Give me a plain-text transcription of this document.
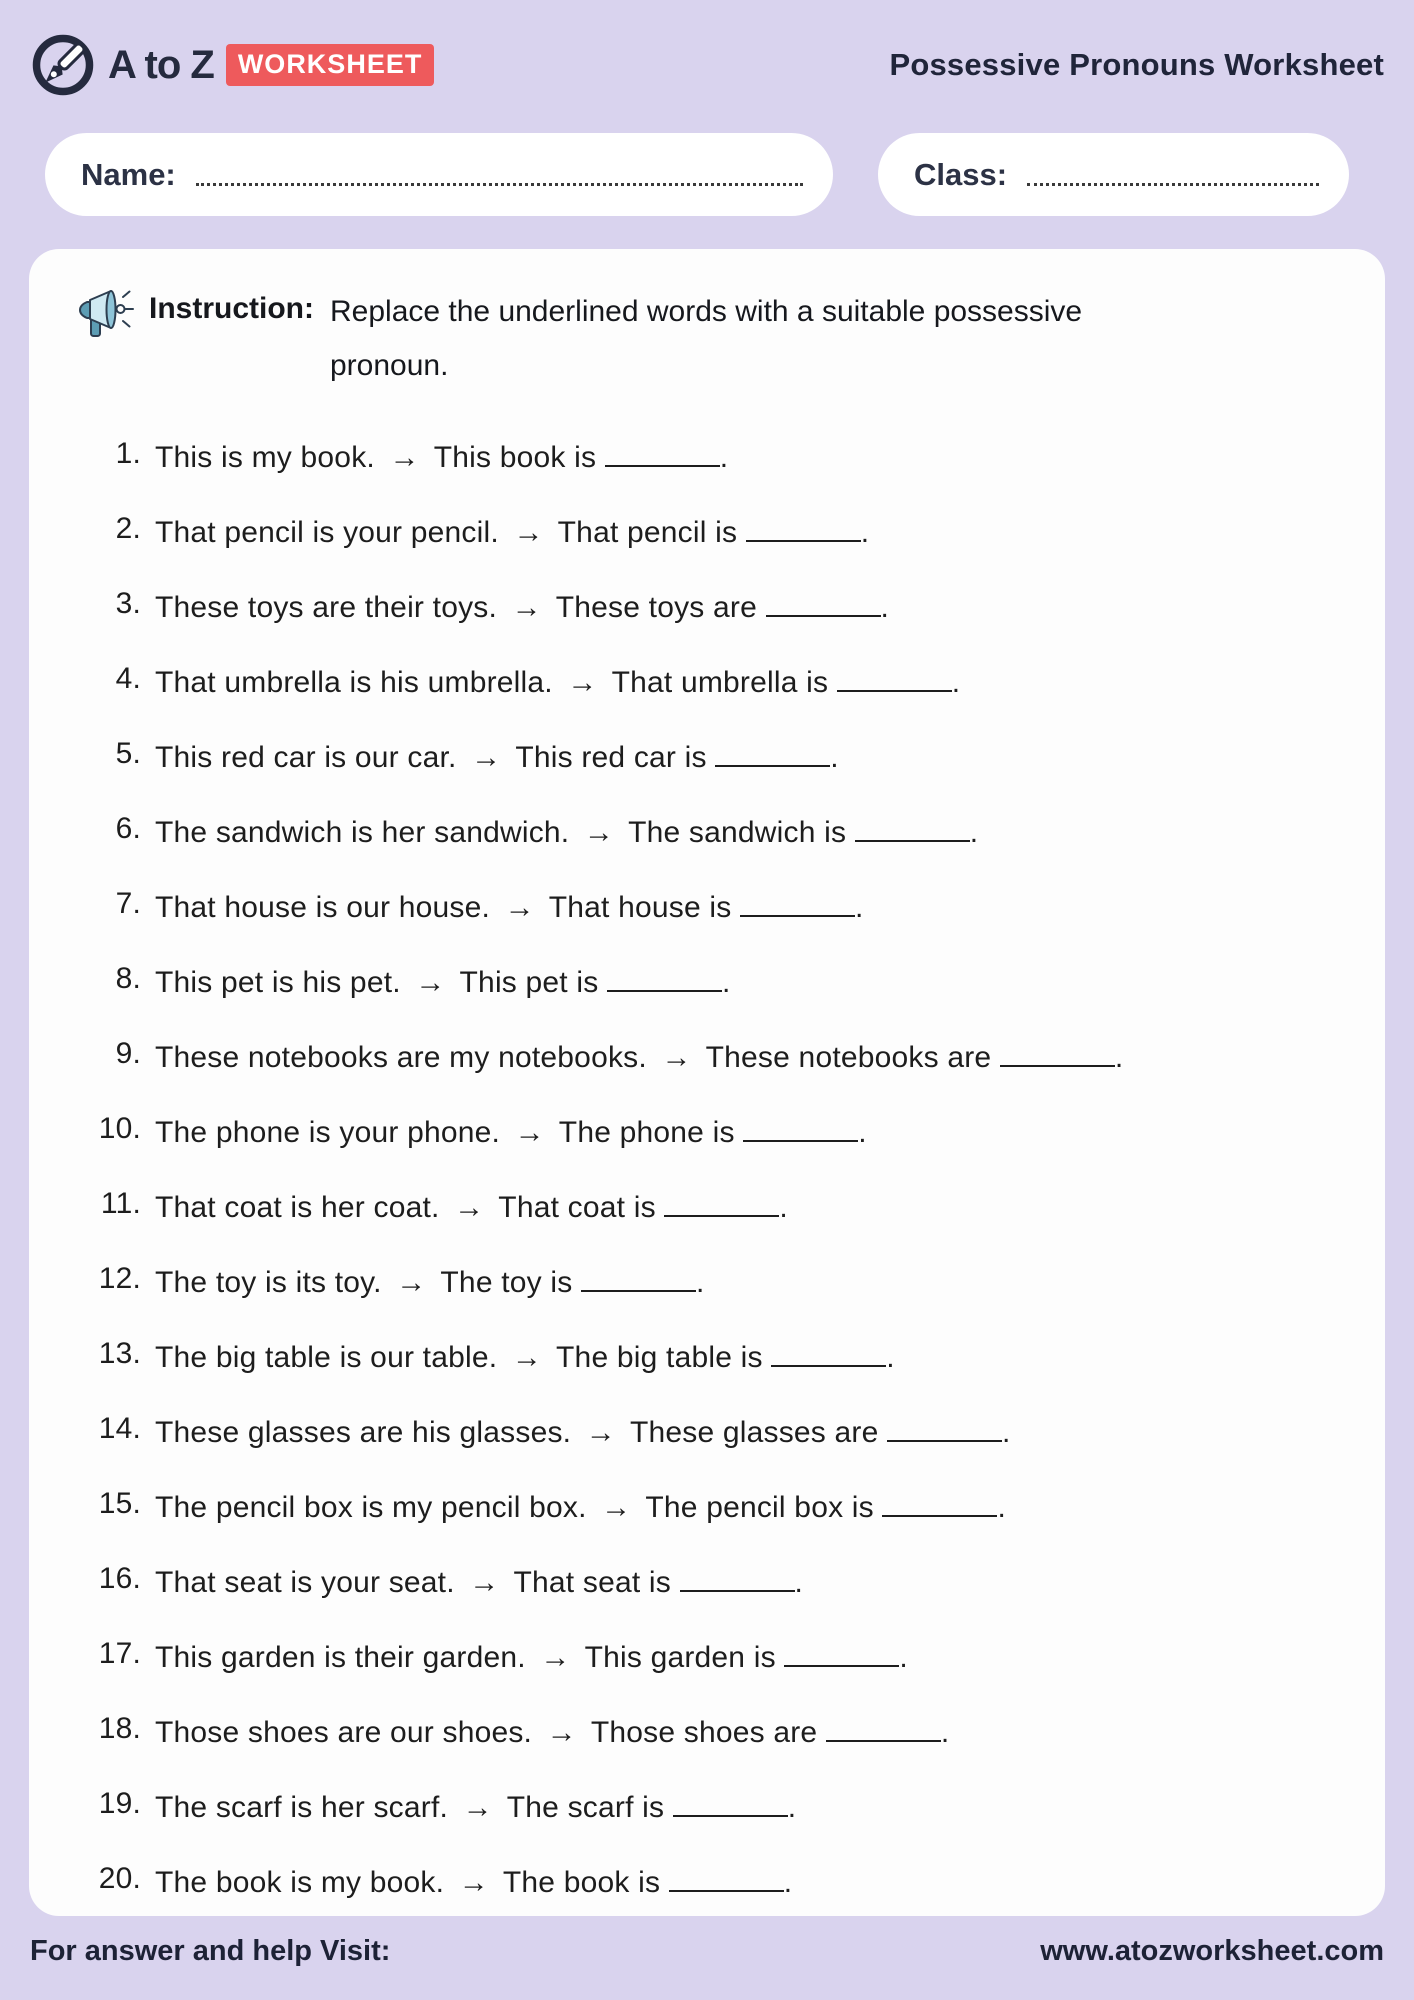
A to Z WORKSHEET	Possessive Pronouns Worksheet
Name:	Class:
Instruction: Replace the underlined words with a suitable possessive pronoun.
1. This is my book. → This book is	.
2. That pencil is your pencil. → That pencil is	.
3. These toys are their toys. → These toys are	.
4. That umbrella is his umbrella. → That umbrella is	.
5. This red car is our car. → This red car is	.
6. The sandwich is her sandwich. → The sandwich is	.
7. That house is our house. → That house is	.
8. This pet is his pet. → This pet is	.
9. These notebooks are my notebooks. → These notebooks are	.
10. The phone is your phone. → The phone is	.
11. That coat is her coat. → That coat is	.
12. The toy is its toy. → The toy is	.
13. The big table is our table. → The big table is	.
14. These glasses are his glasses. → These glasses are	.
15. The pencil box is my pencil box. → The pencil box is	.
16. That seat is your seat. → That seat is	.
17. This garden is their garden. → This garden is	.
18. Those shoes are our shoes. → Those shoes are	.
19. The scarf is her scarf. → The scarf is	.
20. The book is my book. → The book is	.
For answer and help Visit:	www.atozworksheet.com
